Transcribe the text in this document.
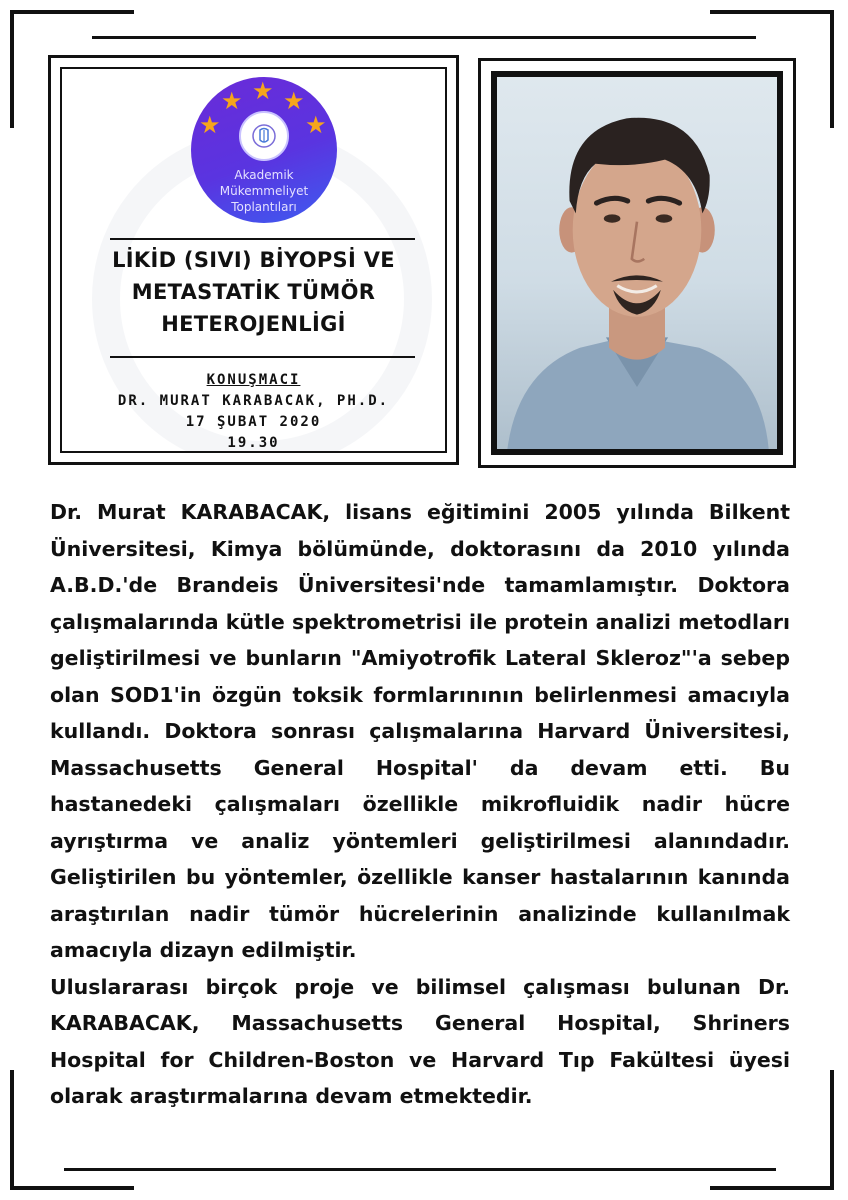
★
★ ★ ★
★
Akademik
Mükemmeliyet
Toplantıları
LİKİD (SIVI) BİYOPSİ VE
METASTATİK TÜMÖR
HETEROJENLİGİ
KONUŞMACI
DR. MURAT KARABACAK, PH.D.
17 ŞUBAT 2020
19.30

Dr. Murat KARABACAK, lisans eğitimini 2005 yılında Bilkent Üniversitesi, Kimya bölümünde, doktorasını da 2010 yılında A.B.D.'de Brandeis Üniversitesi'nde tamamlamıştır. Doktora çalışmalarında kütle spektrometrisi ile protein analizi metodları geliştirilmesi ve bunların "Amiyotrofik Lateral Skleroz"'a sebep olan SOD1'in özgün toksik formlarınının belirlenmesi amacıyla kullandı. Doktora sonrası çalışmalarına Harvard Üniversitesi, Massachusetts General Hospital' da devam etti. Bu hastanedeki çalışmaları özellikle mikrofluidik nadir hücre ayrıştırma ve analiz yöntemleri geliştirilmesi alanındadır. Geliştirilen bu yöntemler, özellikle kanser hastalarının kanında araştırılan nadir tümör hücrelerinin analizinde kullanılmak amacıyla dizayn edilmiştir.

Uluslararası birçok proje ve bilimsel çalışması bulunan Dr. KARABACAK, Massachusetts General Hospital, Shriners Hospital for Children-Boston ve Harvard Tıp Fakültesi üyesi olarak araştırmalarına devam etmektedir.
